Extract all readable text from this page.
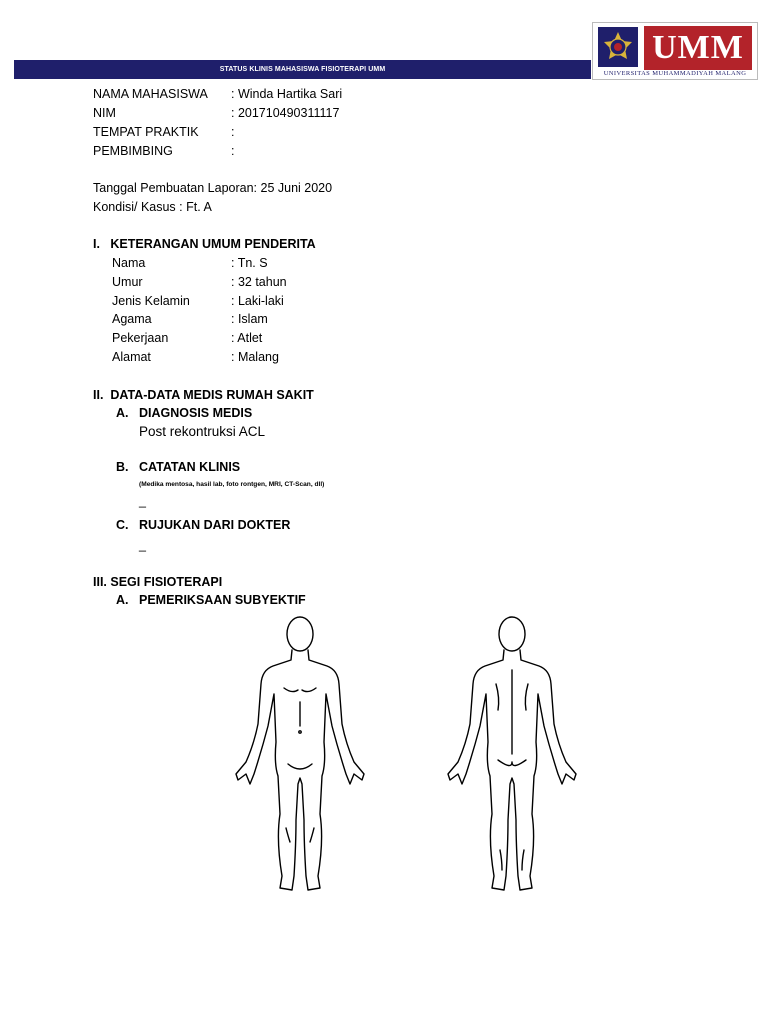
STATUS KLINIS MAHASISWA FISIOTERAPI UMM
UMM
UNIVERSITAS MUHAMMADIYAH MALANG
NAMA MAHASISWA : Winda Hartika Sari
NIM	: 201710490311117
TEMPAT PRAKTIK	:
PEMBIMBING	:
Tanggal Pembuatan Laporan: 25 Juni 2020
Kondisi/ Kasus : Ft. A
I.   KETERANGAN UMUM PENDERITA
Nama	: Tn. S
Umur	: 32 tahun
Jenis Kelamin	: Laki-laki
Agama	: Islam
Pekerjaan	: Atlet
Alamat	: Malang
II.  DATA-DATA MEDIS RUMAH SAKIT
A. DIAGNOSIS MEDIS
Post rekontruksi ACL
B. CATATAN KLINIS
(Medika mentosa, hasil lab, foto rontgen, MRI, CT-Scan, dll)
_
C. RUJUKAN DARI DOKTER
_
III. SEGI FISIOTERAPI
A. PEMERIKSAAN SUBYEKTIF
